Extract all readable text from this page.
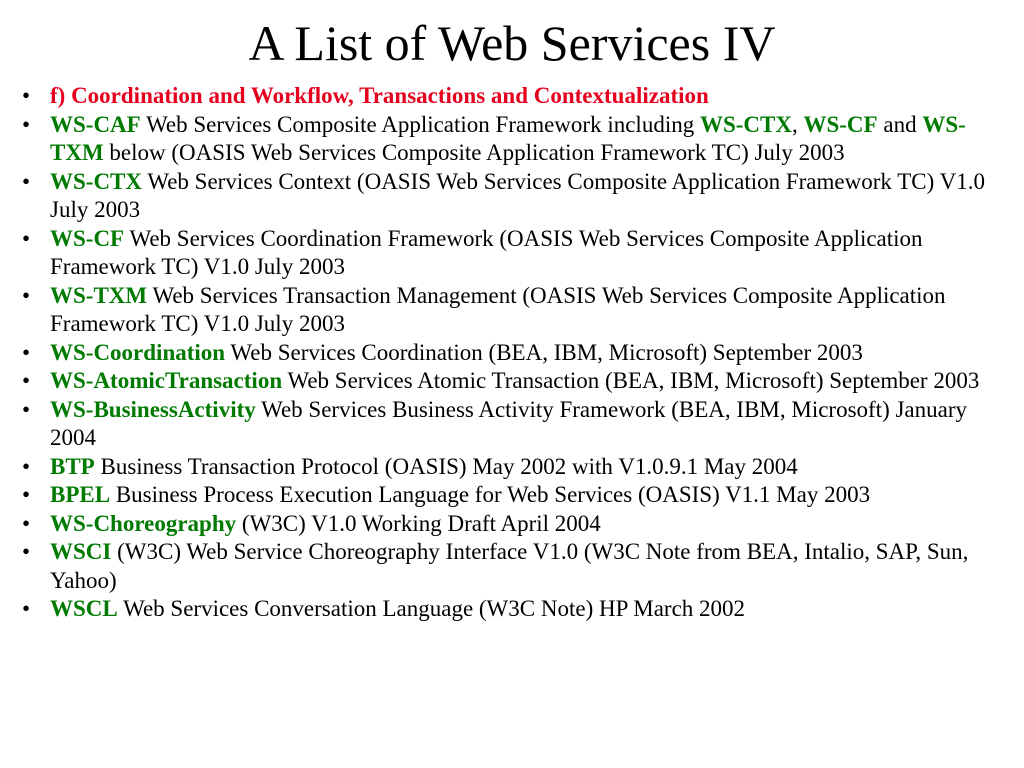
A List of Web Services IV
• f) Coordination and Workflow, Transactions and Contextualization
• WS-CAF Web Services Composite Application Framework including WS-CTX, WS-CF and WS-TXM below (OASIS Web Services Composite Application Framework TC) July 2003
• WS-CTX Web Services Context (OASIS Web Services Composite Application Framework TC) V1.0 July 2003
• WS-CF Web Services Coordination Framework (OASIS Web Services Composite Application Framework TC) V1.0 July 2003
• WS-TXM Web Services Transaction Management (OASIS Web Services Composite Application Framework TC) V1.0 July 2003
• WS-Coordination Web Services Coordination (BEA, IBM, Microsoft) September 2003
• WS-AtomicTransaction Web Services Atomic Transaction (BEA, IBM, Microsoft) September 2003
• WS-BusinessActivity Web Services Business Activity Framework (BEA, IBM, Microsoft) January 2004
• BTP Business Transaction Protocol (OASIS) May 2002 with V1.0.9.1 May 2004
• BPEL Business Process Execution Language for Web Services (OASIS) V1.1 May 2003
• WS-Choreography (W3C) V1.0 Working Draft April 2004
• WSCI (W3C) Web Service Choreography Interface V1.0 (W3C Note from BEA, Intalio, SAP, Sun, Yahoo)
• WSCL Web Services Conversation Language (W3C Note) HP March 2002
